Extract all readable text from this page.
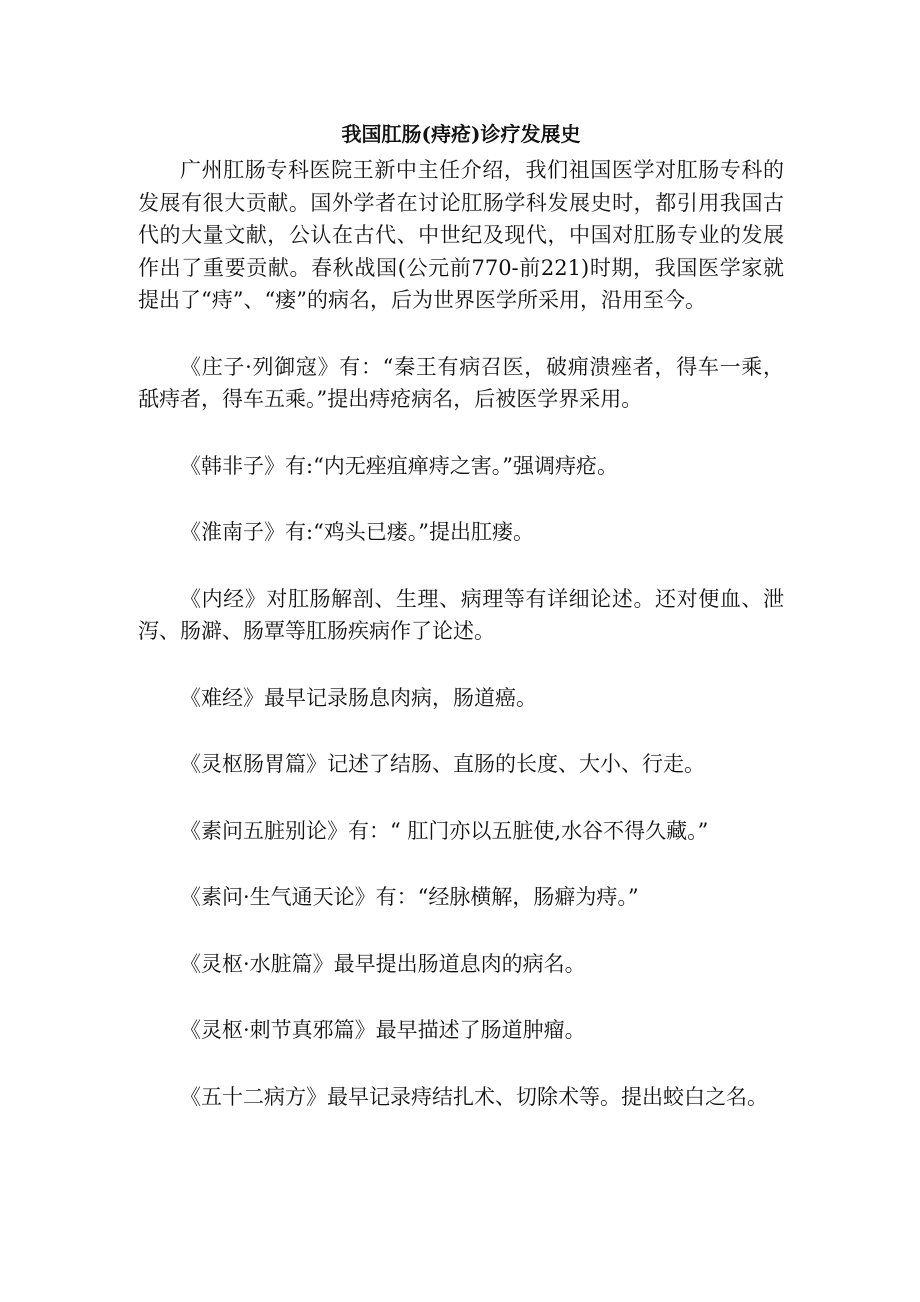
我国肛肠(痔疮)诊疗发展史

广州肛肠专科医院王新中主任介绍，我们祖国医学对肛肠专科的发展有很大贡献。国外学者在讨论肛肠学科发展史时，都引用我国古代的大量文献，公认在古代、中世纪及现代，中国对肛肠专业的发展作出了重要贡献。春秋战国(公元前770-前221)时期，我国医学家就提出了“痔”、“瘘”的病名，后为世界医学所采用，沿用至今。

《庄子·列御寇》有：“秦王有病召医，破痈溃痤者，得车一乘，舐痔者，得车五乘。”提出痔疮病名，后被医学界采用。

《韩非子》有:“内无痤疽瘅痔之害。”强调痔疮。

《淮南子》有:“鸡头已瘘。”提出肛瘘。

《内经》对肛肠解剖、生理、病理等有详细论述。还对便血、泄泻、肠澼、肠覃等肛肠疾病作了论述。

《难经》最早记录肠息肉病，肠道癌。

《灵枢肠胃篇》记述了结肠、直肠的长度、大小、行走。

《素问五脏别论》有：“ 肛门亦以五脏使,水谷不得久藏。”

《素问·生气通天论》有：“经脉横解，肠癖为痔。”

《灵枢·水脏篇》最早提出肠道息肉的病名。

《灵枢·刺节真邪篇》最早描述了肠道肿瘤。

《五十二病方》最早记录痔结扎术、切除术等。提出蛟白之名。
